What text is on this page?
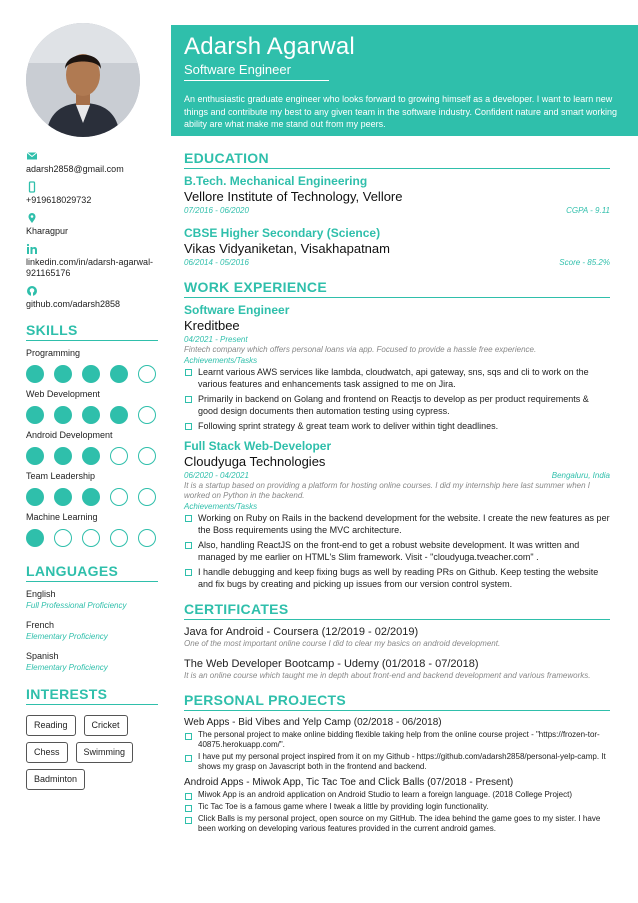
Adarsh Agarwal
Software Engineer
An enthusiastic graduate engineer who looks forward to growing himself as a developer. I want to learn new things and contribute my best to any given team in the software industry. Confident nature and smart working ability are what make me stand out from my peers.
adarsh2858@gmail.com
+919618029732
Kharagpur
linkedin.com/in/adarsh-agarwal-921165176
github.com/adarsh2858
SKILLS
Programming
Web Development
Android Development
Team Leadership
Machine Learning
LANGUAGES
English
Full Professional Proficiency
French
Elementary Proficiency
Spanish
Elementary Proficiency
INTERESTS
Reading	Cricket
Chess	Swimming
Badminton
EDUCATION
B.Tech. Mechanical Engineering
Vellore Institute of Technology, Vellore
07/2016 - 06/2020	CGPA - 9.11
CBSE Higher Secondary (Science)
Vikas Vidyaniketan, Visakhapatnam
06/2014 - 05/2016	Score - 85.2%
WORK EXPERIENCE
Software Engineer
Kreditbee
04/2021 - Present
Fintech company which offers personal loans via app. Focused to provide a hassle free experience.
Achievements/Tasks
Learnt various AWS services like lambda, cloudwatch, api gateway, sns, sqs and cli to work on the various features and enhancements task assigned to me on Jira.
Primarily in backend on Golang and frontend on Reactjs to develop as per product requirements & good design documents then automation testing using cypress.
Following sprint strategy & great team work to deliver within tight deadlines.
Full Stack Web-Developer
Cloudyuga Technologies
06/2020 - 04/2021	Bengaluru, India
It is a startup based on providing a platform for hosting online courses. I did my internship here last summer when I worked on Python in the backend.
Achievements/Tasks
Working on Ruby on Rails in the backend development for the website. I create the new features as per the Boss requirements using the MVC architecture.
Also, handling ReactJS on the front-end to get a robust website development. It was written and managed by me earlier on HTML's Slim framework. Visit - "cloudyuga.tveacher.com" .
I handle debugging and keep fixing bugs as well by reading PRs on Github. Keep testing the website and fix bugs by creating and picking up issues from our version control system.
CERTIFICATES
Java for Android - Coursera (12/2019 - 02/2019)
One of the most important online course I did to clear my basics on android development.
The Web Developer Bootcamp - Udemy (01/2018 - 07/2018)
It is an online course which taught me in depth about front-end and backend development and various frameworks.
PERSONAL PROJECTS
Web Apps - Bid Vibes and Yelp Camp (02/2018 - 06/2018)
The personal project to make online bidding flexible taking help from the online course project - "https://frozen-tor-40875.herokuapp.com/".
I have put my personal project inspired from it on my Github - https://github.com/adarsh2858/personal-yelp-camp. It shows my grasp on Javascript both in the frontend and backend.
Android Apps - Miwok App, Tic Tac Toe and Click Balls (07/2018 - Present)
Miwok App is an android application on Android Studio to learn a foreign language. (2018 College Project)
Tic Tac Toe is a famous game where I tweak a little by providing login functionality.
Click Balls is my personal project, open source on my GitHub. The idea behind the game goes to my sister. I have been working on developing various features provided in the current android games.
